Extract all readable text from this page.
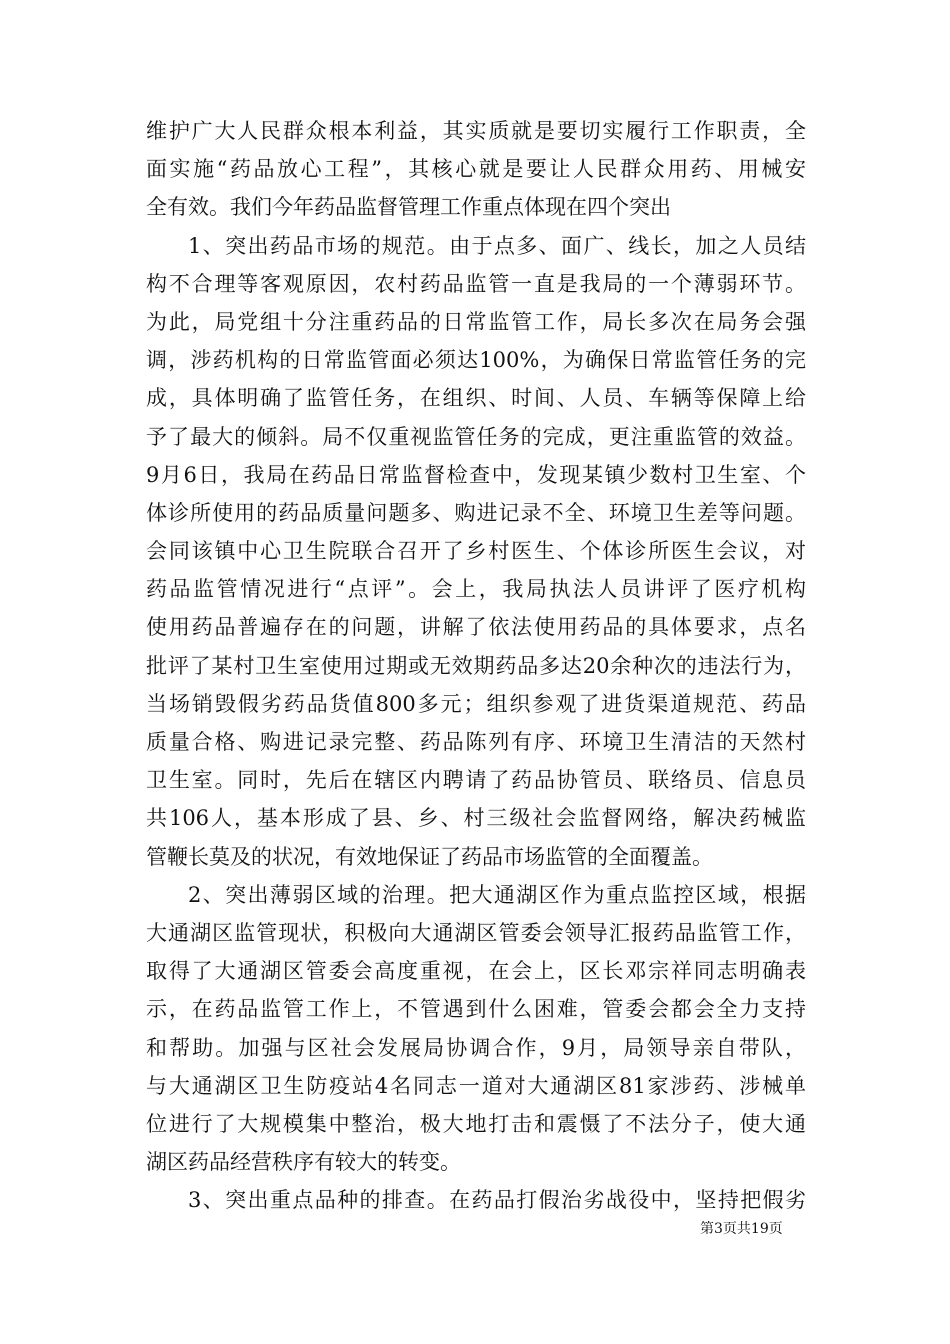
维护广大人民群众根本利益，其实质就是要切实履行工作职责，全
面实施“药品放心工程”，其核心就是要让人民群众用药、用械安
全有效。我们今年药品监督管理工作重点体现在四个突出
1、突出药品市场的规范。由于点多、面广、线长，加之人员结
构不合理等客观原因，农村药品监管一直是我局的一个薄弱环节。
为此，局党组十分注重药品的日常监管工作，局长多次在局务会强
调，涉药机构的日常监管面必须达100%，为确保日常监管任务的完
成，具体明确了监管任务，在组织、时间、人员、车辆等保障上给
予了最大的倾斜。局不仅重视监管任务的完成，更注重监管的效益。
9月6日，我局在药品日常监督检查中，发现某镇少数村卫生室、个
体诊所使用的药品质量问题多、购进记录不全、环境卫生差等问题。
会同该镇中心卫生院联合召开了乡村医生、个体诊所医生会议，对
药品监管情况进行“点评”。会上，我局执法人员讲评了医疗机构
使用药品普遍存在的问题，讲解了依法使用药品的具体要求，点名
批评了某村卫生室使用过期或无效期药品多达20余种次的违法行为，
当场销毁假劣药品货值800多元；组织参观了进货渠道规范、药品
质量合格、购进记录完整、药品陈列有序、环境卫生清洁的天然村
卫生室。同时，先后在辖区内聘请了药品协管员、联络员、信息员
共106人，基本形成了县、乡、村三级社会监督网络，解决药械监
管鞭长莫及的状况，有效地保证了药品市场监管的全面覆盖。
2、突出薄弱区域的治理。把大通湖区作为重点监控区域，根据
大通湖区监管现状，积极向大通湖区管委会领导汇报药品监管工作，
取得了大通湖区管委会高度重视，在会上，区长邓宗祥同志明确表
示，在药品监管工作上，不管遇到什么困难，管委会都会全力支持
和帮助。加强与区社会发展局协调合作，9月，局领导亲自带队，
与大通湖区卫生防疫站4名同志一道对大通湖区81家涉药、涉械单
位进行了大规模集中整治，极大地打击和震慑了不法分子，使大通
湖区药品经营秩序有较大的转变。
3、突出重点品种的排查。在药品打假治劣战役中，坚持把假劣
第3页共19页
